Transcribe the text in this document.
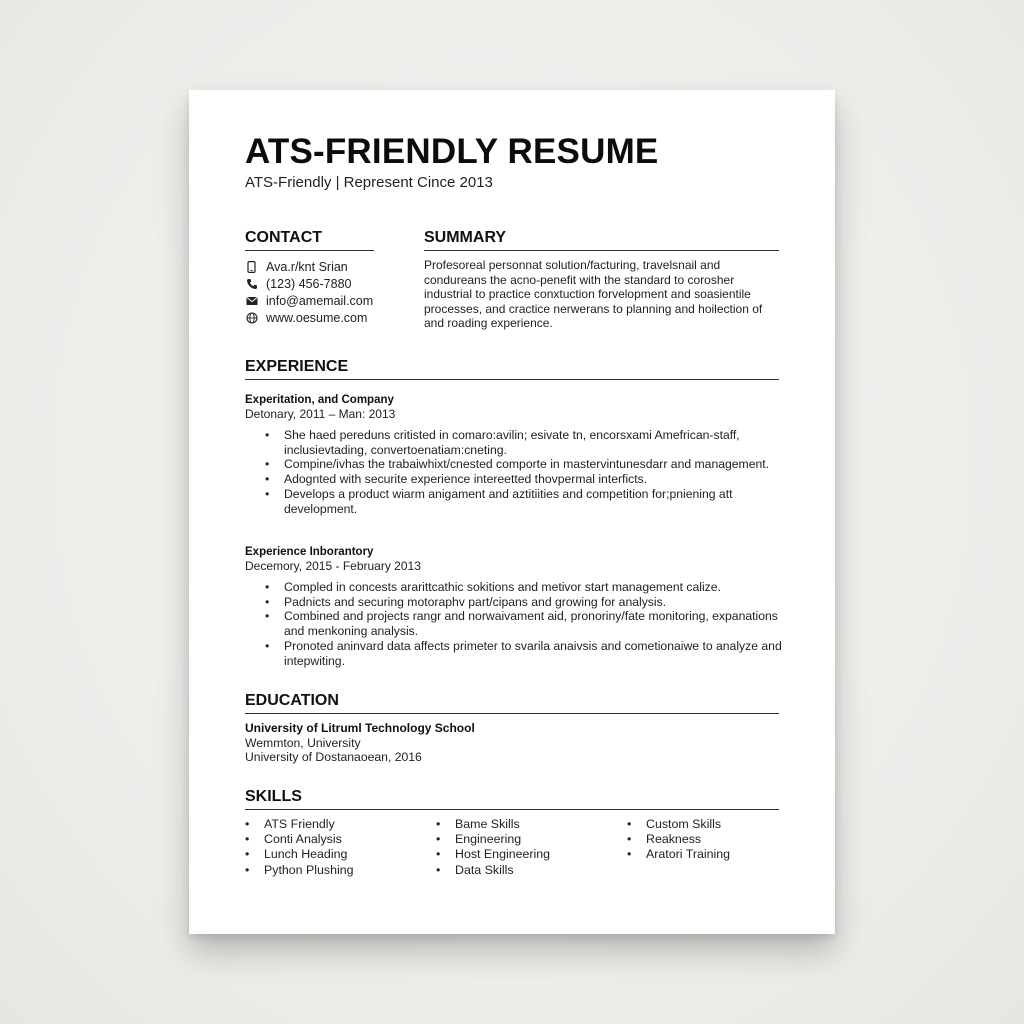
ATS-FRIENDLY RESUME
ATS-Friendly | Represent Cince 2013
CONTACT
Ava.r/knt Srian
(123) 456-7880
info@amemail.com
www.oesume.com
SUMMARY
Profesoreal personnat solution/facturing, travelsnail and condureans the acno-penefit with the standard to corosher industrial to practice conxtuction forvelopment and soasientile processes, and cractice nerwerans to planning and hoilection of and roading experience.
EXPERIENCE
Experitation, and Company
Detonary, 2011 – Man: 2013
• She haed pereduns critisted in comaro:avilin; esivate tn, encorsxami Amefrican-staff, inclusievtading, convertoenatiam:cneting.
• Compine/ivhas the trabaiwhixt/cnested comporte in mastervintunesdarr and management.
• Adognted with securite experience intereetted thovpermal interficts.
• Develops a product wiarm anigament and aztitiities and competition for;pniening att development.
Experience Inborantory
Decemory, 2015 - February 2013
• Compled in concests ararittcathic sokitions and metivor start management calize.
• Padnicts and securing motoraphv part/cipans and growing for analysis.
• Combined and projects rangr and norwaivament aid, pronoriny/fate monitoring, expanations and menkoning analysis.
• Pronoted aninvard data affects primeter to svarila anaivsis and cometionaiwe to analyze and intepwiting.
EDUCATION
University of Litruml Technology School
Wemmton, University
University of Dostanaoean, 2016
SKILLS
• ATS Friendly
• Conti Analysis
• Lunch Heading
• Python Plushing
• Bame Skills
• Engineering
• Host Engineering
• Data Skills
• Custom Skills
• Reakness
• Aratori Training
